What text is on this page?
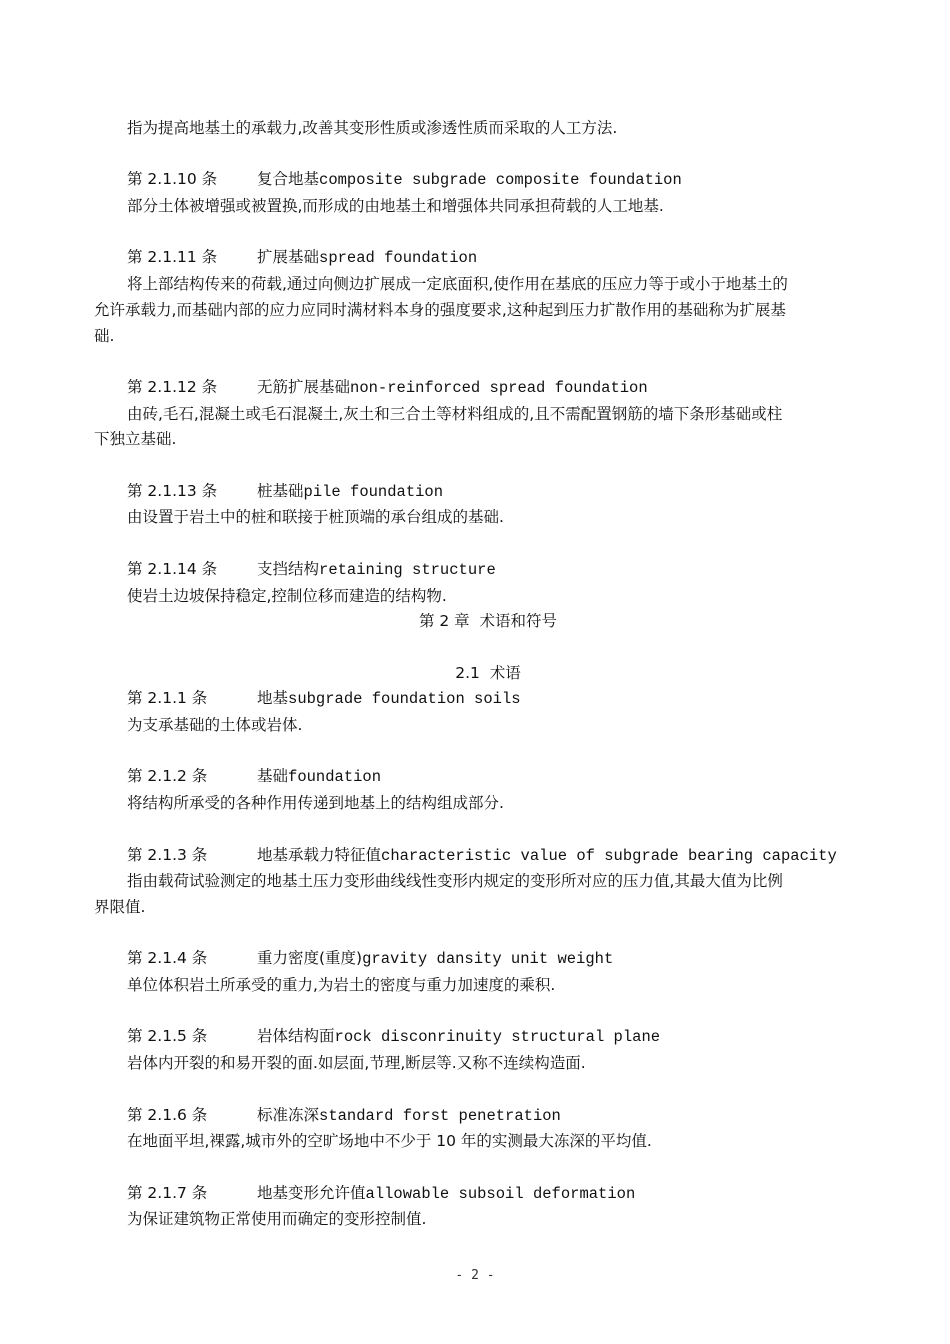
指为提高地基土的承载力,改善其变形性质或渗透性质而采取的人工方法.
第 2.1.10 条	复合地基composite subgrade composite foundation
部分土体被增强或被置换,而形成的由地基土和增强体共同承担荷载的人工地基.
第 2.1.11 条	扩展基础spread foundation
将上部结构传来的荷载,通过向侧边扩展成一定底面积,使作用在基底的压应力等于或小于地基土的
允许承载力,而基础内部的应力应同时满材料本身的强度要求,这种起到压力扩散作用的基础称为扩展基
础.
第 2.1.12 条	无筋扩展基础non-reinforced spread foundation
由砖,毛石,混凝土或毛石混凝土,灰土和三合土等材料组成的,且不需配置钢筋的墙下条形基础或柱
下独立基础.
第 2.1.13 条	桩基础pile foundation
由设置于岩土中的桩和联接于桩顶端的承台组成的基础.
第 2.1.14 条	支挡结构retaining structure
使岩土边坡保持稳定,控制位移而建造的结构物.
第 2 章  术语和符号
2.1  术语
第 2.1.1 条	地基subgrade foundation soils
为支承基础的土体或岩体.
第 2.1.2 条	基础foundation
将结构所承受的各种作用传递到地基上的结构组成部分.
第 2.1.3 条	地基承载力特征值characteristic value of subgrade bearing capacity
指由载荷试验测定的地基土压力变形曲线线性变形内规定的变形所对应的压力值,其最大值为比例
界限值.
第 2.1.4 条	重力密度(重度)gravity dansity unit weight
单位体积岩土所承受的重力,为岩土的密度与重力加速度的乘积.
第 2.1.5 条	岩体结构面rock disconrinuity structural plane
岩体内开裂的和易开裂的面.如层面,节理,断层等.又称不连续构造面.
第 2.1.6 条	标准冻深standard forst penetration
在地面平坦,裸露,城市外的空旷场地中不少于 10 年的实测最大冻深的平均值.
第 2.1.7 条	地基变形允许值allowable subsoil deformation
为保证建筑物正常使用而确定的变形控制值.
- 2 -
